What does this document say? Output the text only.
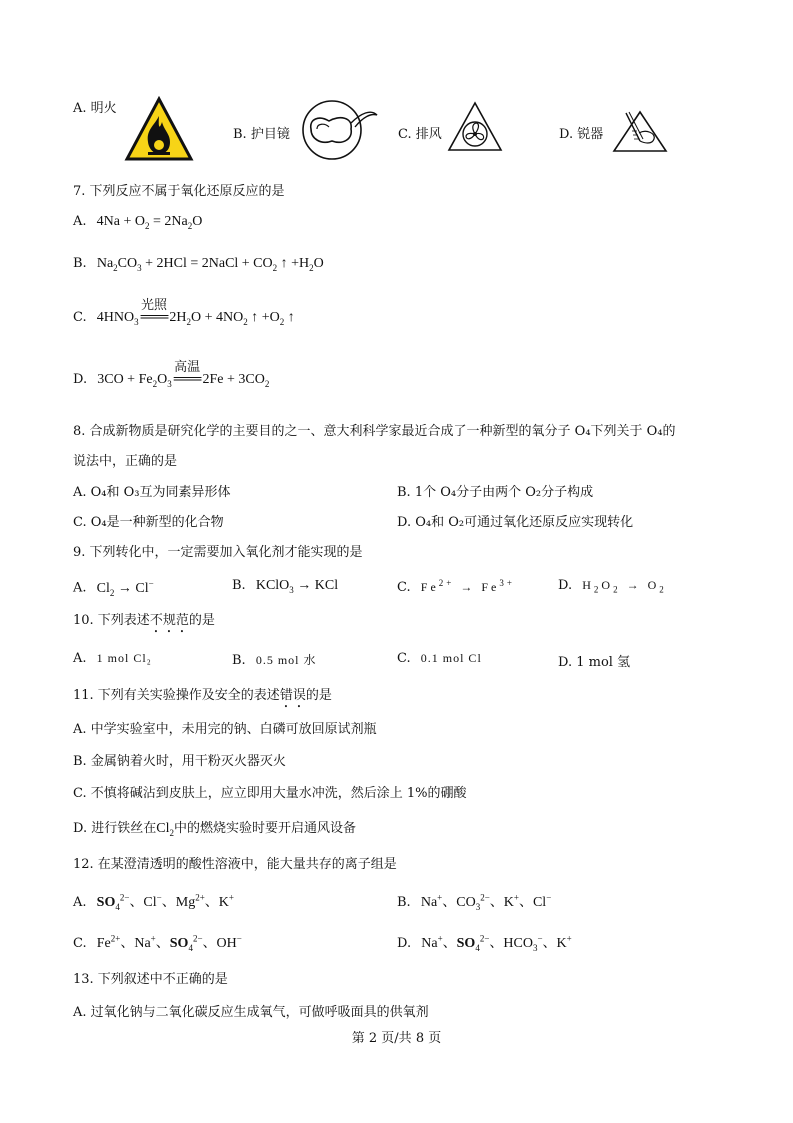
A. 明火
B. 护目镜	C. 排风	D. 锐器
7. 下列反应不属于氧化还原反应的是
A. $4Na + O_2 = 2Na_2O$
B. $Na_2CO_3 + 2HCl$ = 2NaCl + $CO_2$ ↑ $+H_2O$
C. $4HNO_3$
光照
═══ $2H_2O + 4NO_2$ ↑ $+O_2$ ↑
D. $3CO + Fe_2O_3$
高温
═══ $2Fe + 3CO_2$
8. 合成新物质是研究化学的主要目的之一、意大利科学家最近合成了一种新型的氧分子 O₄下列关于 O₄的
说法中，正确的是
A. O₄和 O₃互为同素异形体	B. 1个 O₄分子由两个 O₂分子构成
C. O₄是一种新型的化合物	D. O₄和 O₂可通过氧化还原反应实现转化
9. 下列转化中，一定需要加入氧化剂才能实现的是
A. $Cl_2 \to Cl^-$	B. KClO$_3$ → KCl	C. $Fe^{2+} \to Fe^{3+}$	D. $H_2O_2 \to O_2$
10. 下列表述不规范的是
A. 1 mol Cl₂	B. 0.5 mol 水	C. 0.1 mol Cl	D. 1 mol 氢
11. 下列有关实验操作及安全的表述错误的是
A. 中学实验室中，未用完的钠、白磷可放回原试剂瓶
B. 金属钠着火时，用干粉灭火器灭火
C. 不慎将碱沾到皮肤上，应立即用大量水冲洗，然后涂上 1%的硼酸
D. 进行铁丝在$Cl_2$中的燃烧实验时要开启通风设备
12. 在某澄清透明的酸性溶液中，能大量共存的离子组是
A. $SO_4^{2-}$、Cl−、$Mg^{2+}$、K+	B. Na+、$CO_3^{2-}$、K+、Cl−
C. $Fe^{2+}$、Na+、$SO_4^{2-}$、OH−	D. Na+、$SO_4^{2-}$、$HCO_3^-$、K+
13. 下列叙述中不正确的是
A. 过氧化钠与二氧化碳反应生成氧气，可做呼吸面具的供氧剂
第 2 页/共 8 页
